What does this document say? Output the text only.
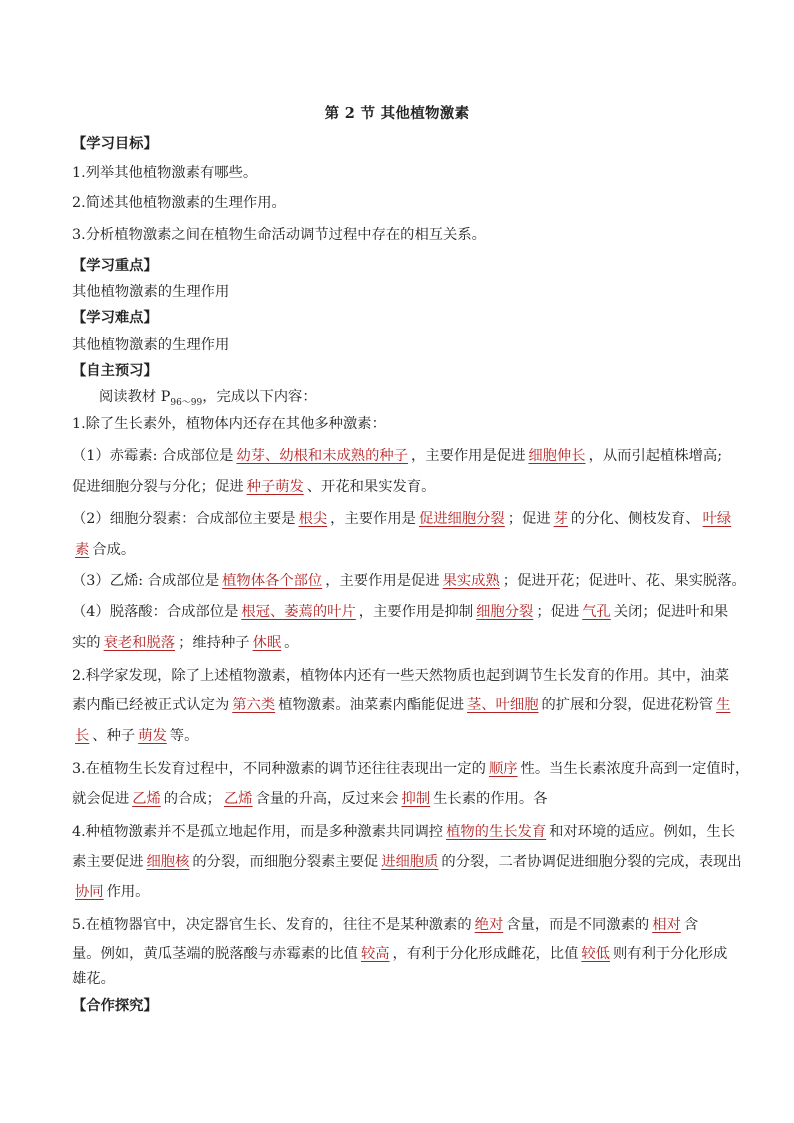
第 2 节 其他植物激素
【学习目标】
1.列举其他植物激素有哪些。
2.简述其他植物激素的生理作用。
3.分析植物激素之间在植物生命活动调节过程中存在的相互关系。
【学习重点】
其他植物激素的生理作用
【学习难点】
其他植物激素的生理作用
【自主预习】
阅读教材 $P_{96\sim 99}$，完成以下内容：
1.除了生长素外，植物体内还存在其他多种激素：
（1）赤霉素: 合成部位是 幼芽、幼根和未成熟的种子 ，主要作用是促进 细胞伸长 ，从而引起植株增高;
促进细胞分裂与分化；促进 种子萌发 、开花和果实发育。
（2）细胞分裂素：合成部位主要是 根尖 ，主要作用是 促进细胞分裂 ；促进 芽 的分化、侧枝发育、 叶绿
素 合成。
（3）乙烯: 合成部位是 植物体各个部位 ，主要作用是促进 果实成熟 ；促进开花；促进叶、花、果实脱落。
（4）脱落酸：合成部位是 根冠、萎蔫的叶片 ，主要作用是抑制 细胞分裂 ；促进 气孔 关闭；促进叶和果
实的 衰老和脱落 ；维持种子 休眠 。
2.科学家发现，除了上述植物激素，植物体内还有一些天然物质也起到调节生长发育的作用。其中，油菜
素内酯已经被正式认定为 第六类 植物激素。油菜素内酯能促进 茎、叶细胞 的扩展和分裂，促进花粉管 生
长 、种子 萌发 等。
3.在植物生长发育过程中，不同种激素的调节还往往表现出一定的 顺序 性。当生长素浓度升高到一定值时，
就会促进 乙烯 的合成； 乙烯 含量的升高，反过来会 抑制 生长素的作用。各
4.种植物激素并不是孤立地起作用，而是多种激素共同调控 植物的生长发育 和对环境的适应。例如，生长
素主要促进 细胞核 的分裂，而细胞分裂素主要促 进细胞质 的分裂，二者协调促进细胞分裂的完成，表现出
协同 作用。
5.在植物器官中，决定器官生长、发育的，往往不是某种激素的 绝对 含量，而是不同激素的 相对 含
量。例如，黄瓜茎端的脱落酸与赤霉素的比值 较高 ，有利于分化形成雌花，比值 较低 则有利于分化形成
雄花。
【合作探究】
